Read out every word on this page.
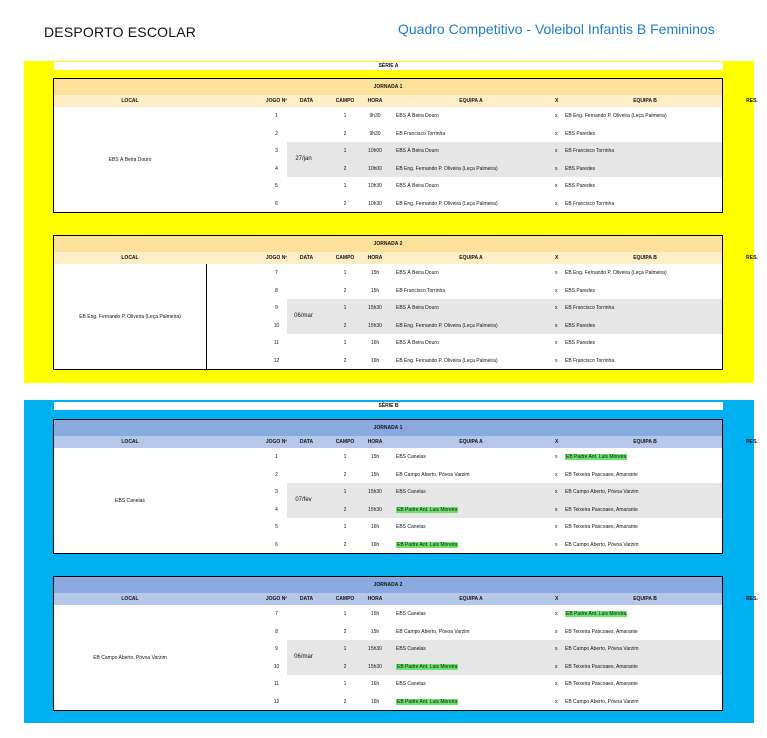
DESPORTO ESCOLAR	Quadro Competitivo - Voleibol Infantis B Femininos
SÉRIE A
JORNADA 1
LOCAL	JOGO Nº	DATA	CAMPO	HORA	EQUIPA A	X	EQUIPA B	RES.
1	1	9h30	EBS À Beira Douro	x	EB Eng. Fernando P. Oliveira (Leça Palmeira)
2	2	9h30	EB Francisco Torrinha	x	EBS Paredes
3	1	10h00	EBS À Beira Douro	x	EB Francisco Torrinha
4	2	10h00	EB Eng. Fernando P. Oliveira (Leça Palmeira)	x	EBS Paredes
5	1	10h30	EBS À Beira Douro	x	EBS Paredes
6	2	10h30	EB Eng. Fernando P. Oliveira (Leça Palmeira)	x	EB Francisco Torrinha
EBS À Beira Douro	27/jan
JORNADA 2
LOCAL	JOGO Nº	DATA	CAMPO	HORA	EQUIPA A	X	EQUIPA B	RES.
7	1	15h	EBS À Beira Douro	x	EB Eng. Fernando P. Oliveira (Leça Palmeira)
8	2	15h	EB Francisco Torrinha	x	EBS Paredes
9	1	15h30	EBS À Beira Douro	x	EB Francisco Torrinha
10	2	15h30	EB Eng. Fernando P. Oliveira (Leça Palmeira)	x	EBS Paredes
11	1	16h	EBS À Beira Douro	x	EBS Paredes
12	2	16h	EB Eng. Fernando P. Oliveira (Leça Palmeira)	x	EB Francisco Torrinha
EB Eng. Fernando P. Oliveira (Leça Palmeira)	06/mar
SÉRIE B
JORNADA 1
LOCAL	JOGO Nº	DATA	CAMPO	HORA	EQUIPA A	X	EQUIPA B	RES.
1	1	15h	EBS Canelas	x	EB Padre Ant. Luis Moreira
2	2	15h	EB Campo Aberto, Póvoa Varzim	x	EB Teixeira Pascoaes, Amarante
3	1	15h30	EBS Canelas	x	EB Campo Aberto, Póvoa Varzim
4	2	15h30	EB Padre Ant. Luis Moreira	x	EB Teixeira Pascoaes, Amarante
5	1	16h	EBS Canelas	x	EB Teixeira Pascoaes, Amarante
6	2	16h	EB Padre Ant. Luis Moreira	x	EB Campo Aberto, Póvoa Varzim
EBS Canelas	07/fev
JORNADA 2
LOCAL	JOGO Nº	DATA	CAMPO	HORA	EQUIPA A	X	EQUIPA B	RES.
7	1	15h	EBS Canelas	x	EB Padre Ant. Luis Moreira
8	2	15h	EB Campo Aberto, Póvoa Varzim	x	EB Teixeira Pascoaes, Amarante
9	1	15h30	EBS Canelas	x	EB Campo Aberto, Póvoa Varzim
10	2	15h30	EB Padre Ant. Luis Moreira	x	EB Teixeira Pascoaes, Amarante
11	1	16h	EBS Canelas	x	EB Teixeira Pascoaes, Amarante
12	2	16h	EB Padre Ant. Luis Moreira	x	EB Campo Aberto, Póvoa Varzim
EB Campo Aberto, Póvoa Varzim	06/mar
